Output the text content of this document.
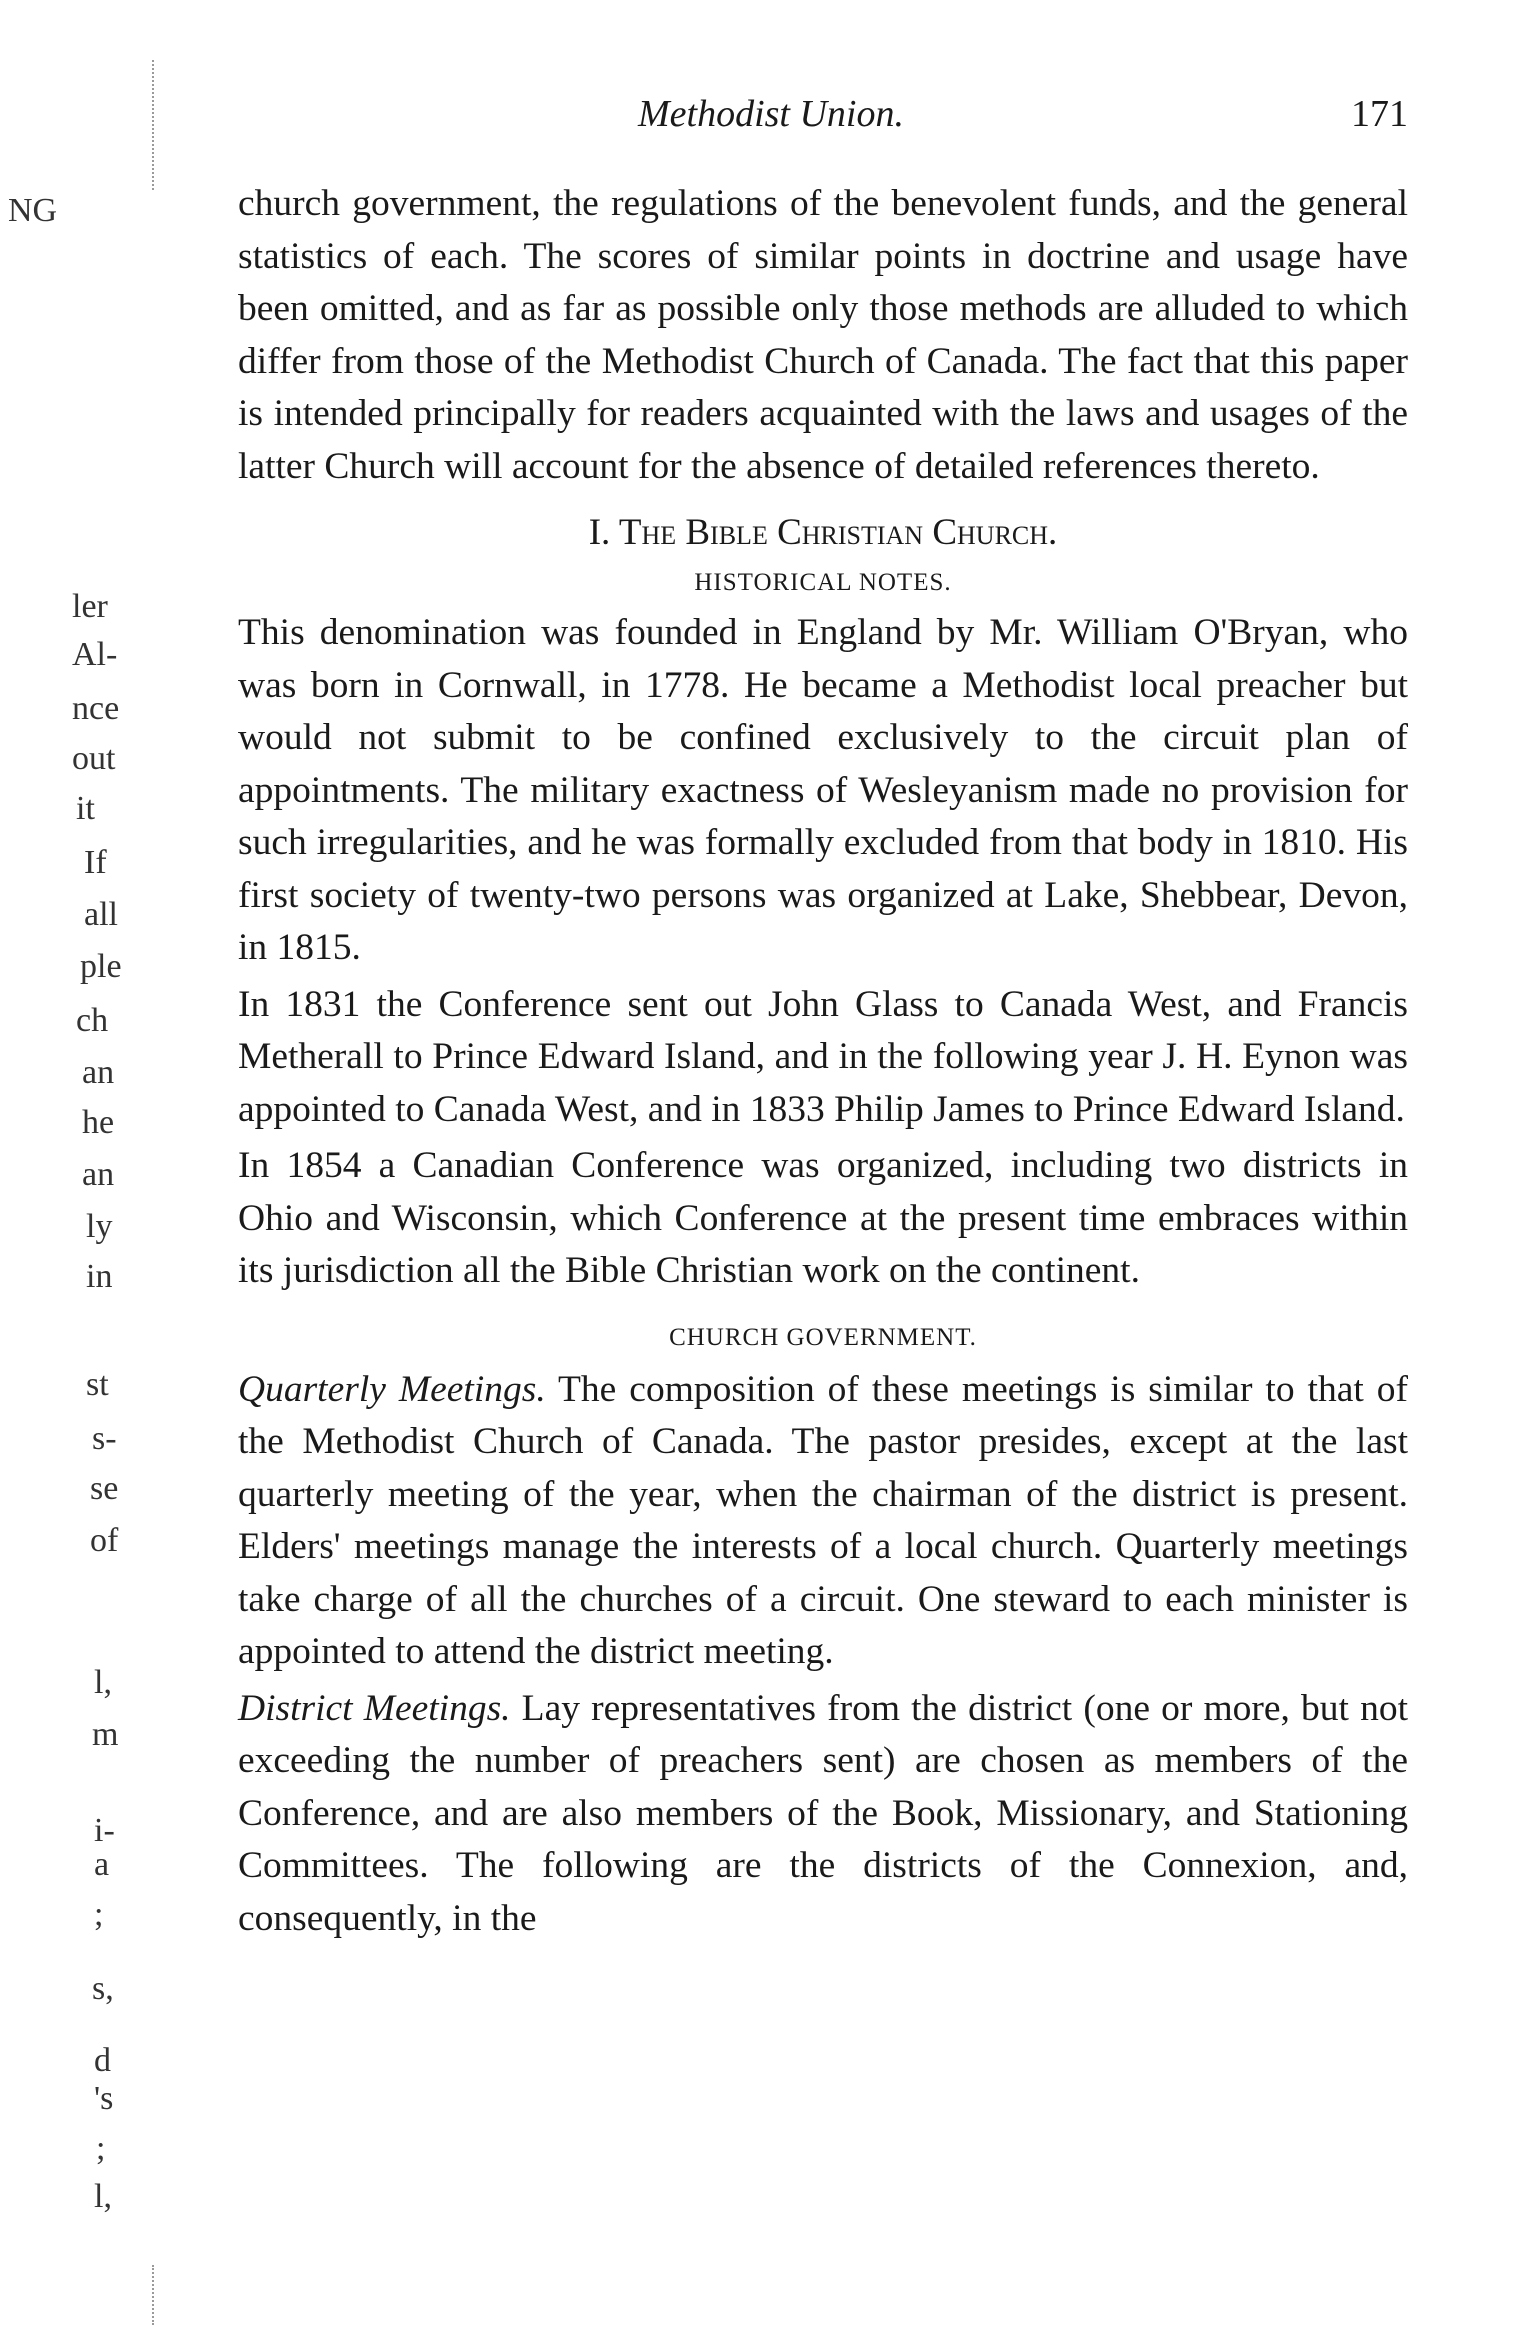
NG
ler
Al-
nce
out
it
If
all
ple
ch
an
he
an
ly
in
st
s-
se
of
l,
m
i-
a
;
s,
d
's
;
l,
Methodist Union.	171

church government, the regulations of the benevolent funds, and the general statistics of each. The scores of similar points in doctrine and usage have been omitted, and as far as possible only those methods are alluded to which differ from those of the Methodist Church of Canada. The fact that this paper is intended principally for readers acquainted with the laws and usages of the latter Church will account for the absence of detailed references thereto.

I. The Bible Christian Church.
HISTORICAL NOTES.

This denomination was founded in England by Mr. William O'Bryan, who was born in Cornwall, in 1778. He became a Methodist local preacher but would not submit to be confined exclusively to the circuit plan of appointments. The military exactness of Wesleyanism made no provision for such irregularities, and he was formally excluded from that body in 1810. His first society of twenty-two persons was organized at Lake, Shebbear, Devon, in 1815.

In 1831 the Conference sent out John Glass to Canada West, and Francis Metherall to Prince Edward Island, and in the following year J. H. Eynon was appointed to Canada West, and in 1833 Philip James to Prince Edward Island.

In 1854 a Canadian Conference was organized, including two districts in Ohio and Wisconsin, which Conference at the present time embraces within its jurisdiction all the Bible Christian work on the continent.

CHURCH GOVERNMENT.

Quarterly Meetings. The composition of these meetings is similar to that of the Methodist Church of Canada. The pastor presides, except at the last quarterly meeting of the year, when the chairman of the district is present. Elders' meetings manage the interests of a local church. Quarterly meetings take charge of all the churches of a circuit. One steward to each minister is appointed to attend the district meeting.

District Meetings. Lay representatives from the district (one or more, but not exceeding the number of preachers sent) are chosen as members of the Conference, and are also members of the Book, Missionary, and Stationing Committees. The following are the districts of the Connexion, and, consequently, in the
